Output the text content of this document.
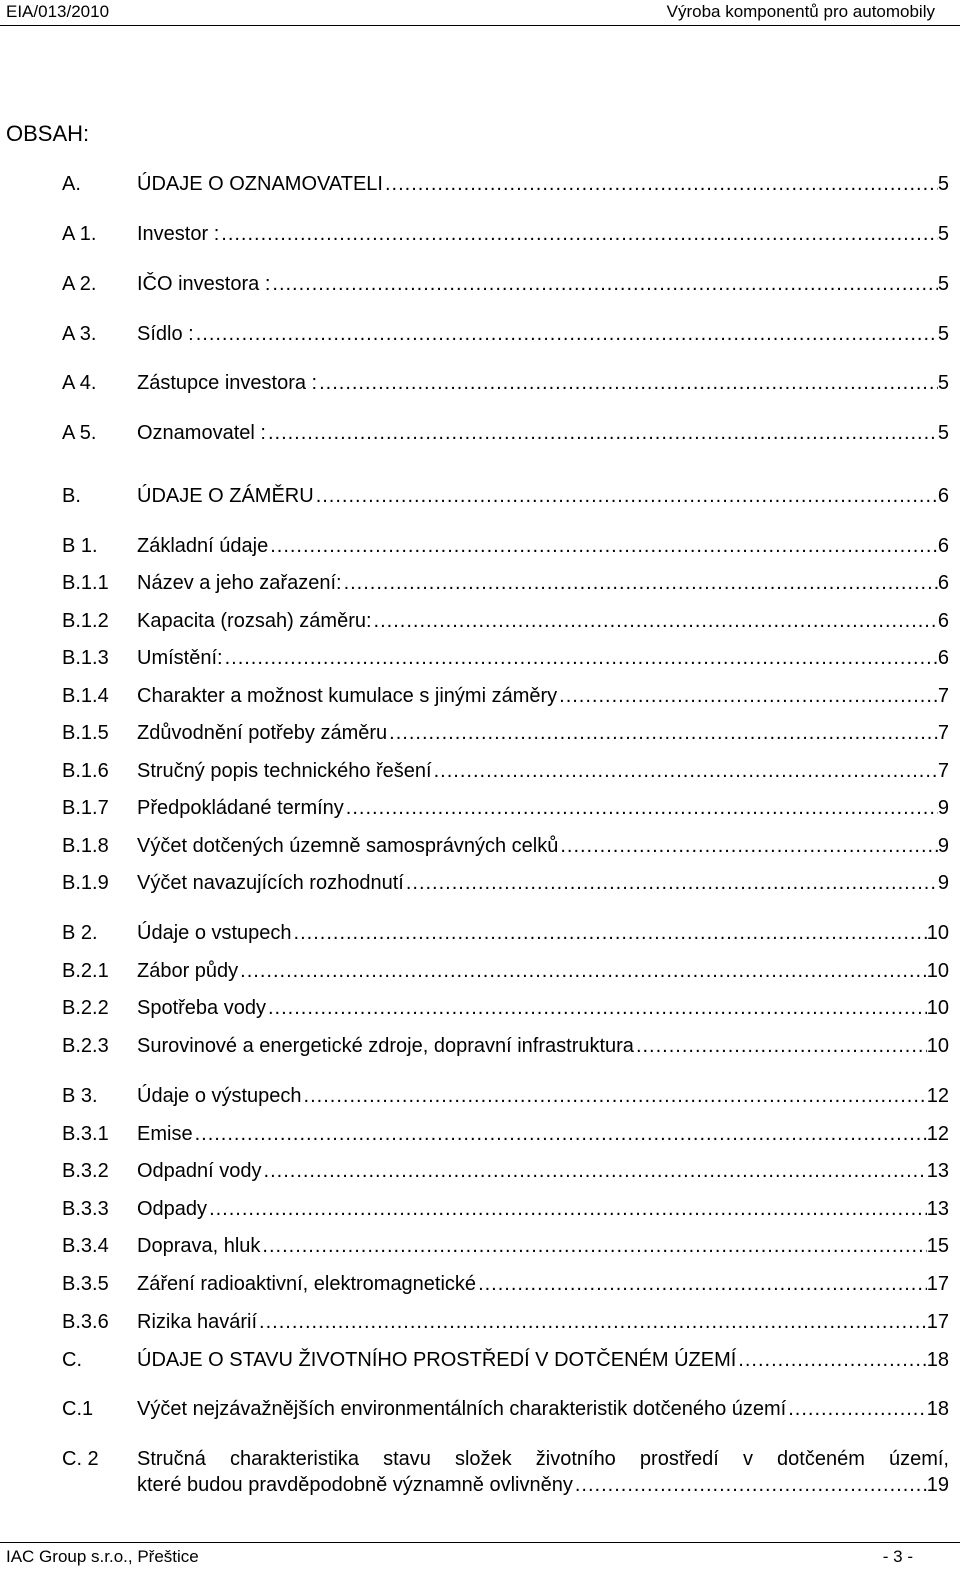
EIA/013/2010	Výroba komponentů pro automobily
OBSAH:
A.	ÚDAJE O OZNAMOVATELI .....	5
A 1.	Investor : .....	5
A 2.	IČO investora : .....	5
A 3.	Sídlo : .....	5
A 4.	Zástupce investora : .....	5
A 5.	Oznamovatel : .....	5
B.	ÚDAJE O ZÁMĚRU .....	6
B 1.	Základní údaje .....	6
B.1.1	Název a jeho zařazení: .....	6
B.1.2	Kapacita (rozsah) záměru: .....	6
B.1.3	Umístění: .....	6
B.1.4	Charakter a možnost kumulace s jinými záměry .....	7
B.1.5	Zdůvodnění potřeby záměru .....	7
B.1.6	Stručný popis technického řešení .....	7
B.1.7	Předpokládané termíny .....	9
B.1.8	Výčet dotčených územně samosprávných celků .....	9
B.1.9	Výčet navazujících rozhodnutí .....	9
B 2.	Údaje o vstupech .....	10
B.2.1	Zábor půdy .....	10
B.2.2	Spotřeba vody .....	10
B.2.3	Surovinové a energetické zdroje, dopravní infrastruktura .....	10
B 3.	Údaje o výstupech .....	12
B.3.1	Emise .....	12
B.3.2	Odpadní vody .....	13
B.3.3	Odpady .....	13
B.3.4	Doprava, hluk .....	15
B.3.5	Záření radioaktivní, elektromagnetické .....	17
B.3.6	Rizika havárií .....	17
C.	ÚDAJE O STAVU ŽIVOTNÍHO PROSTŘEDÍ V DOTČENÉM ÚZEMÍ .....	18
C.1	Výčet nejzávažnějších environmentálních charakteristik dotčeného území .....	18
C. 2	Stručná charakteristika stavu složek životního prostředí v dotčeném území,
které budou pravděpodobně významně ovlivněny .....	19
IAC Group s.r.o., Přeštice	- 3 -
